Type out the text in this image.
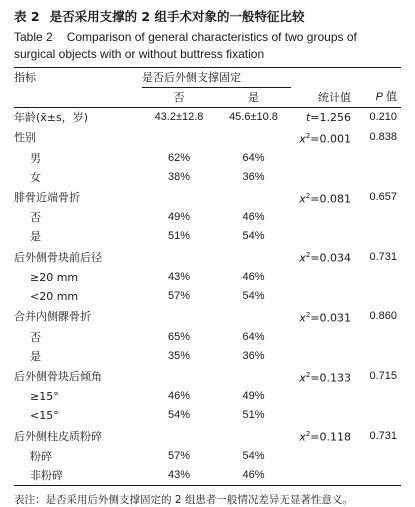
表 2 是否采用支撑的 2 组手术对象的一般特征比较
Table 2 Comparison of general characteristics of two groups of surgical objects with or without buttress fixation
指标	是否后外侧支撑固定			
	否	是	统计值	P 值
年龄(x̄±s，岁)	43.2±12.8	45.6±10.8	t=1.256	0.210
性别			$x^2=0.001$	0.838
男	62%	64%		
女	38%	36%		
腓骨近端骨折			$x^2=0.081$	0.657
否	49%	46%		
是	51%	54%		
后外侧骨块前后径			$x^2=0.034$	0.731
≥20 mm	43%	46%		
<20 mm	57%	54%		
合并内侧髁骨折			$x^2=0.031$	0.860
否	65%	64%		
是	35%	36%		
后外侧骨块后倾角			$x^2=0.133$	0.715
≥15°	46%	49%		
<15°	54%	51%		
后外侧柱皮质粉碎			$x^2=0.118$	0.731
粉碎	57%	54%		
非粉碎	43%	46%		
表注：是否采用后外侧支撑固定的 2 组患者一般情况差异无显著性意义。
